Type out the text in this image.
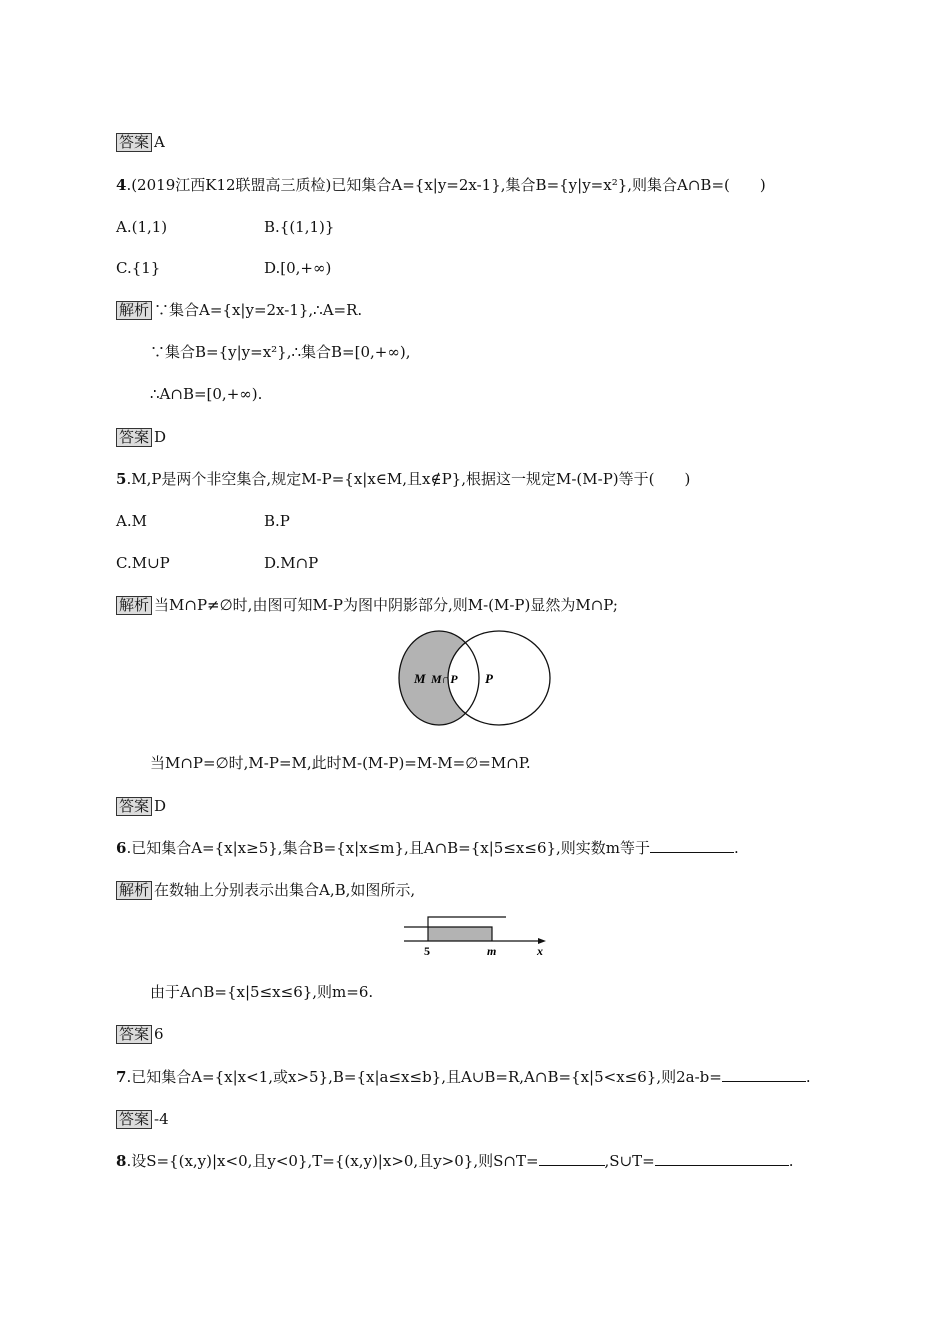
答案 A
4.(2019江西K12联盟高三质检)已知集合A={x|y=2x-1},集合B={y|y=x²},则集合A∩B=(　　)
A.(1,1)	B.{(1,1)}
C.{1}	D.[0,+∞)
解析 ∵集合A={x|y=2x-1},∴A=R.
∵集合B={y|y=x²},∴集合B=[0,+∞),
∴A∩B=[0,+∞).
答案 D
5.M,P是两个非空集合,规定M-P={x|x∈M,且x∉P},根据这一规定M-(M-P)等于(　　)
A.M	B.P
C.M∪P	D.M∩P
解析 当M∩P≠∅时,由图可知M-P为图中阴影部分,则M-(M-P)显然为M∩P;
M M∩P P
当M∩P=∅时,M-P=M,此时M-(M-P)=M-M=∅=M∩P.
答案 D
6.已知集合A={x|x≥5},集合B={x|x≤m},且A∩B={x|5≤x≤6},则实数m等于	.
解析 在数轴上分别表示出集合A,B,如图所示,
5	m	x
由于A∩B={x|5≤x≤6},则m=6.
答案 6
7.已知集合A={x|x<1,或x>5},B={x|a≤x≤b},且A∪B=R,A∩B={x|5<x≤6},则2a-b=	.
答案 -4
8.设S={(x,y)|x<0,且y<0},T={(x,y)|x>0,且y>0},则S∩T=	,S∪T=	.
